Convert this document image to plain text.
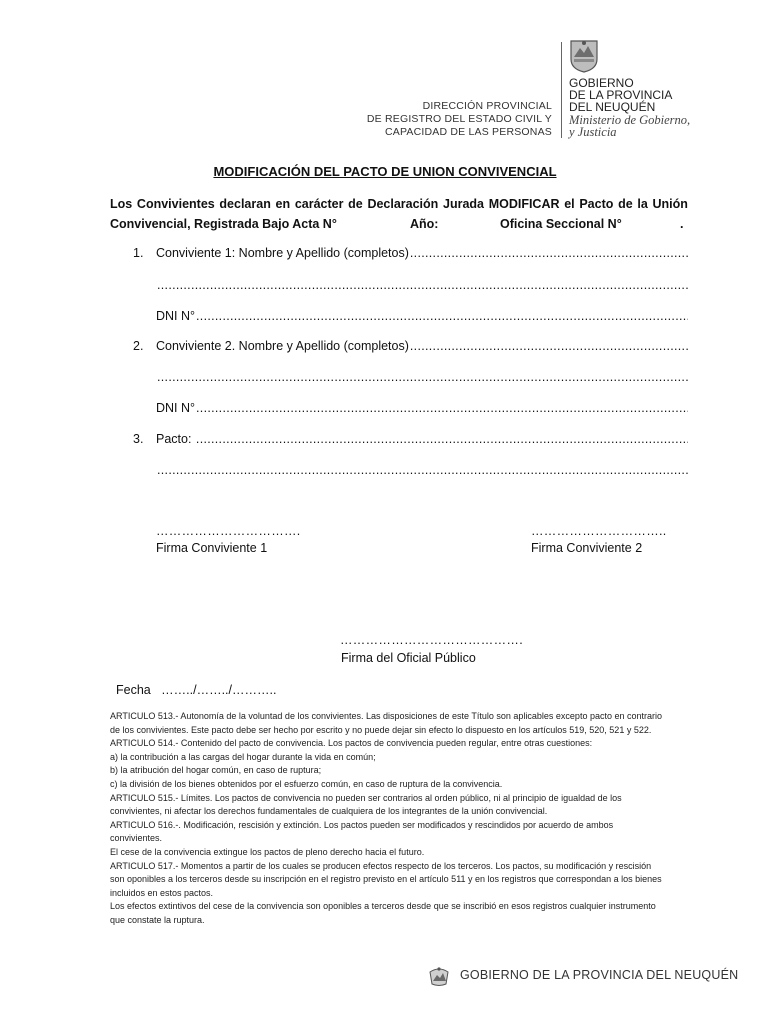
DIRECCIÓN PROVINCIAL
DE REGISTRO DEL ESTADO CIVIL Y
CAPACIDAD DE LAS PERSONAS
GOBIERNO
DE LA PROVINCIA
DEL NEUQUÉN
Ministerio de Gobierno,
y Justicia
MODIFICACIÓN DEL PACTO DE UNION CONVIVENCIAL
Los Convivientes declaran en carácter de Declaración Jurada MODIFICAR el Pacto de la Unión
Convivencial, Registrada Bajo Acta N°	Año:	Oficina Seccional N°	.
1.	Conviviente 1: Nombre y Apellido (completos)
.....
.....
DNI N°
.....
2.	Conviviente 2. Nombre y Apellido (completos)
.....
.....
DNI N°
.....
3.	Pacto:
.....
.....
…………………………….
Firma Conviviente 1
…………………………..
Firma Conviviente 2
…………………………………….
Firma del Oficial Público
Fecha   ……../……../………..

ARTICULO 513.- Autonomía de la voluntad de los convivientes. Las disposiciones de este Título son aplicables excepto pacto en contrario

de los convivientes. Este pacto debe ser hecho por escrito y no puede dejar sin efecto lo dispuesto en los artículos 519, 520, 521 y 522.

ARTICULO 514.- Contenido del pacto de convivencia. Los pactos de convivencia pueden regular, entre otras cuestiones:

a) la contribución a las cargas del hogar durante la vida en común;

b) la atribución del hogar común, en caso de ruptura;

c) la división de los bienes obtenidos por el esfuerzo común, en caso de ruptura de la convivencia.

ARTICULO 515.- Límites. Los pactos de convivencia no pueden ser contrarios al orden público, ni al principio de igualdad de los

convivientes, ni afectar los derechos fundamentales de cualquiera de los integrantes de la unión convivencial.

ARTICULO 516.-. Modificación, rescisión y extinción. Los pactos pueden ser modificados y rescindidos por acuerdo de ambos

convivientes.

El cese de la convivencia extingue los pactos de pleno derecho hacia el futuro.

ARTICULO 517.- Momentos a partir de los cuales se producen efectos respecto de los terceros. Los pactos, su modificación y rescisión

son oponibles a los terceros desde su inscripción en el registro previsto en el artículo 511 y en los registros que correspondan a los bienes

incluidos en estos pactos.

Los efectos extintivos del cese de la convivencia son oponibles a terceros desde que se inscribió en esos registros cualquier instrumento

que constate la ruptura.

GOBIERNO DE LA PROVINCIA DEL NEUQUÉN
